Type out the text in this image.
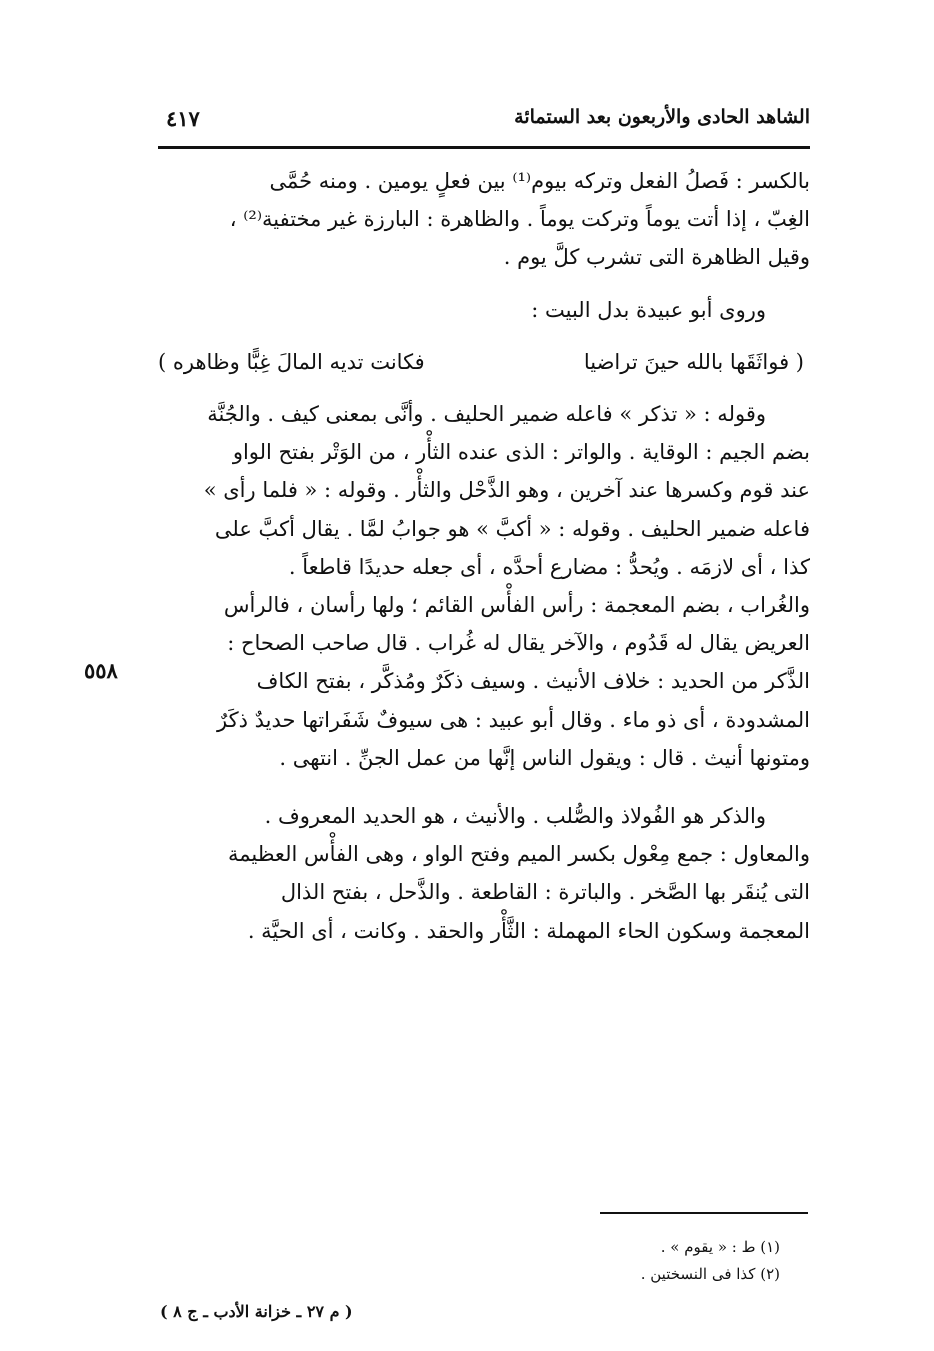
الشاهد الحادى والأربعون بعد الستمائة
٤١٧

بالكسر : فَصلُ الفعل وتركه بيوم⁽¹⁾ بين فعلٍ يومين . ومنه حُمَّى

الغِبّ ، إذا أتت يوماً وتركت يوماً . والظاهرة : البارزة غير مختفية⁽²⁾ ،

وقيل الظاهرة التى تشرب كلَّ يوم .

وروى أبو عبيدة بدل البيت :

( فواثَقَها بالله حينَ تراضيا
فكانت تديه المالَ غِبًّا وظاهره )

وقوله : « تذكر » فاعله ضمير الحليف . وأنَّى بمعنى كيف . والجُنَّة

بضم الجيم : الوقاية . والواتر : الذى عنده الثأْر ، من الوَتْر بفتح الواو

عند قوم وكسرها عند آخرين ، وهو الذَّحْل والثأْر . وقوله : « فلما رأى »

فاعله ضمير الحليف . وقوله : « أكبَّ » هو جوابُ لمَّا . يقال أكبَّ على

كذا ، أى لازمَه . ويُحدُّ : مضارع أحدَّه ، أى جعله حديدًا قاطعاً .

والغُراب ، بضم المعجمة : رأس الفأْس القائم ؛ ولها رأسان ، فالرأس

العريض يقال له قَدُوم ، والآخر يقال له غُراب . قال صاحب الصحاح :

الذَّكر من الحديد : خلاف الأنيث . وسيف ذكَرٌ ومُذكَّر ، بفتح الكاف

المشدودة ، أى ذو ماء . وقال أبو عبيد : هى سيوفٌ شَفَراتها حديدٌ ذكَرٌ

ومتونها أنيث . قال : ويقول الناس إنَّها من عمل الجنِّ . انتهى .

والذكر هو الفُولاذ والصُّلب . والأنيث ، هو الحديد المعروف .

والمعاول : جمع مِعْول بكسر الميم وفتح الواو ، وهى الفأْس العظيمة

التى يُنقَر بها الصَّخر . والباترة : القاطعة . والذَّحل ، بفتح الذال

المعجمة وسكون الحاء المهملة : الثَّأْر والحقد . وكانت ، أى الحيَّة .

٥٥٨
(١) ط : « يقوم » .
(٢) كذا فى النسختين .
( م ٢٧ ـ خزانة الأدب ـ ج ٨ )
